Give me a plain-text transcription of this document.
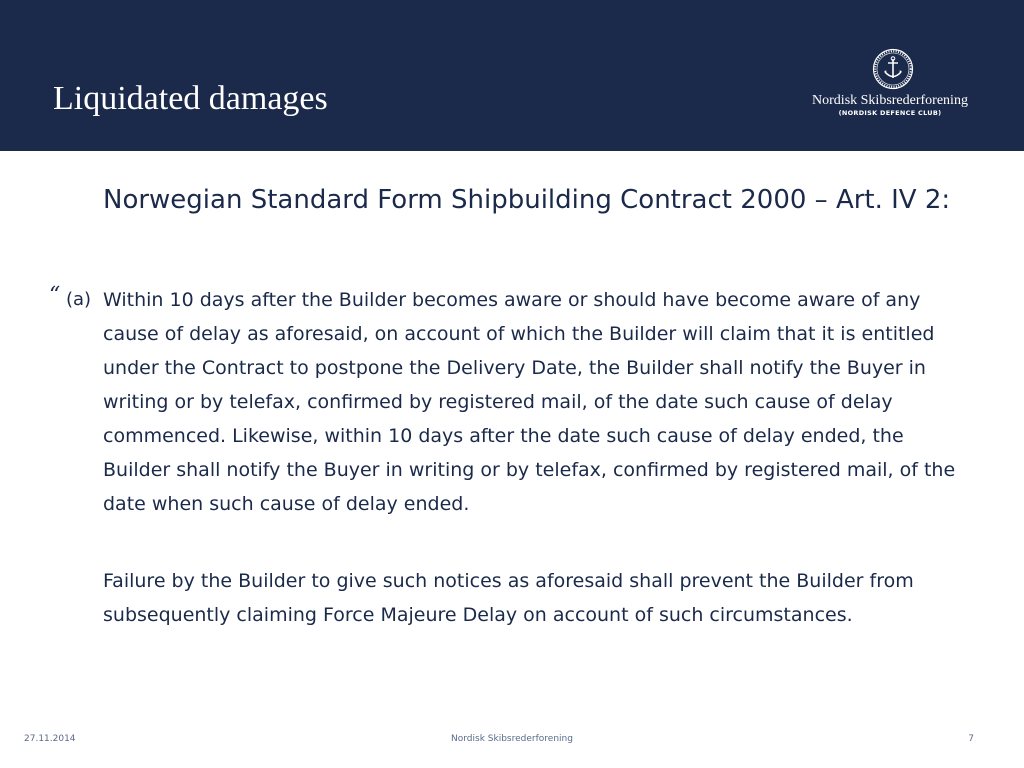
Liquidated damages	Nordisk Skibsrederforening
(NORDISK DEFENCE CLUB)
Norwegian Standard Form Shipbuilding Contract 2000 – Art. IV 2:
“ (a) Within 10 days after the Builder becomes aware or should have become aware of any cause of delay as aforesaid, on account of which the Builder will claim that it is entitled under the Contract to postpone the Delivery Date, the Builder shall notify the Buyer in writing or by telefax, confirmed by registered mail, of the date such cause of delay commenced. Likewise, within 10 days after the date such cause of delay ended, the Builder shall notify the Buyer in writing or by telefax, confirmed by registered mail, of the date when such cause of delay ended.

Failure by the Builder to give such notices as aforesaid shall prevent the Builder from subsequently claiming Force Majeure Delay on account of such circumstances.

27.11.2014	Nordisk Skibsrederforening	7
